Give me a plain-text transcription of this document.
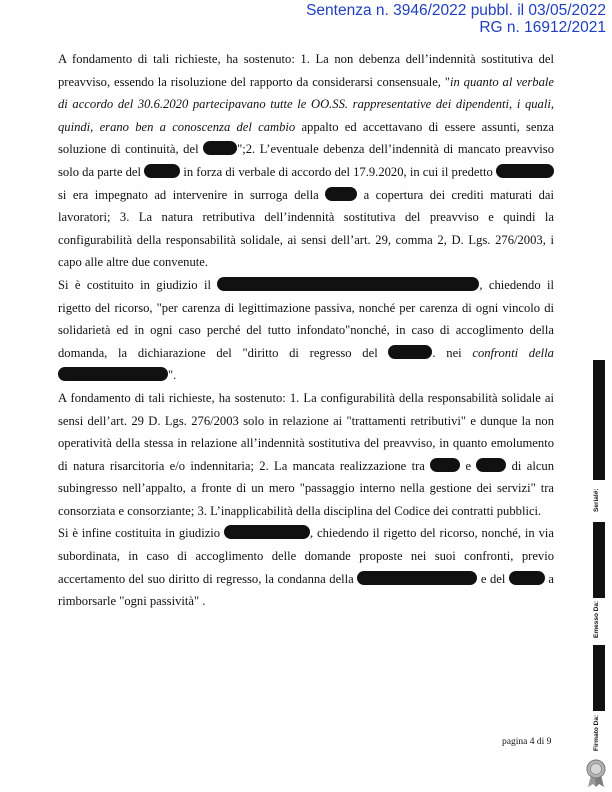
Sentenza n. 3946/2022 pubbl. il 03/05/2022
RG n. 16912/2021

A fondamento di tali richieste, ha sostenuto: 1. La non debenza dell’indennità sostitutiva del preavviso, essendo la risoluzione del rapporto da considerarsi consensuale, "in quanto al verbale di accordo del 30.6.2020 partecipavano tutte le OO.SS. rappresentative dei dipendenti, i quali, quindi, erano ben a conoscenza del cambio appalto ed accettavano di essere assunti, senza soluzione di continuità, del	";2. L’eventuale debenza dell’indennità di mancato preavviso solo da parte del	in forza di verbale di accordo del 17.9.2020, in cui il predetto  si era impegnato ad intervenire in surroga della	a copertura dei crediti maturati dai lavoratori; 3. La natura retributiva dell’indennità sostitutiva del preavviso e quindi la configurabilità della responsabilità solidale, ai sensi dell’art. 29, comma 2, D. Lgs. 276/2003, i capo alle altre due convenute.

Si è costituito in giudizio il	, chiedendo il rigetto del ricorso, "per carenza di legittimazione passiva, nonché per carenza di ogni vincolo di solidarietà ed in ogni caso perché del tutto infondato"nonché, in caso di accoglimento della domanda, la dichiarazione del "diritto di regresso del	. nei confronti della".

A fondamento di tali richieste, ha sostenuto: 1. La configurabilità della responsabilità solidale ai sensi dell’art. 29 D. Lgs. 276/2003 solo in relazione ai "trattamenti retributivi" e dunque la non operatività della stessa in relazione all’indennità sostitutiva del preavviso, in quanto emolumento di natura risarcitoria e/o indennitaria; 2. La mancata realizzazione tra  e  di alcun subingresso nell’appalto, a fronte di un mero "passaggio interno nella gestione dei servizi" tra consorziata e consorziante; 3. L’inapplicabilità della disciplina del Codice dei contratti pubblici.

Si è infine costituita in giudizio	, chiedendo il rigetto del ricorso, nonché, in via subordinata, in caso di accoglimento delle domande proposte nei suoi confronti, previo accertamento del suo diritto di regresso, la condanna della	e del	a rimborsarle "ogni passività" .

pagina 4 di 9
Serial#:
Emesso Da:
Firmato Da:
